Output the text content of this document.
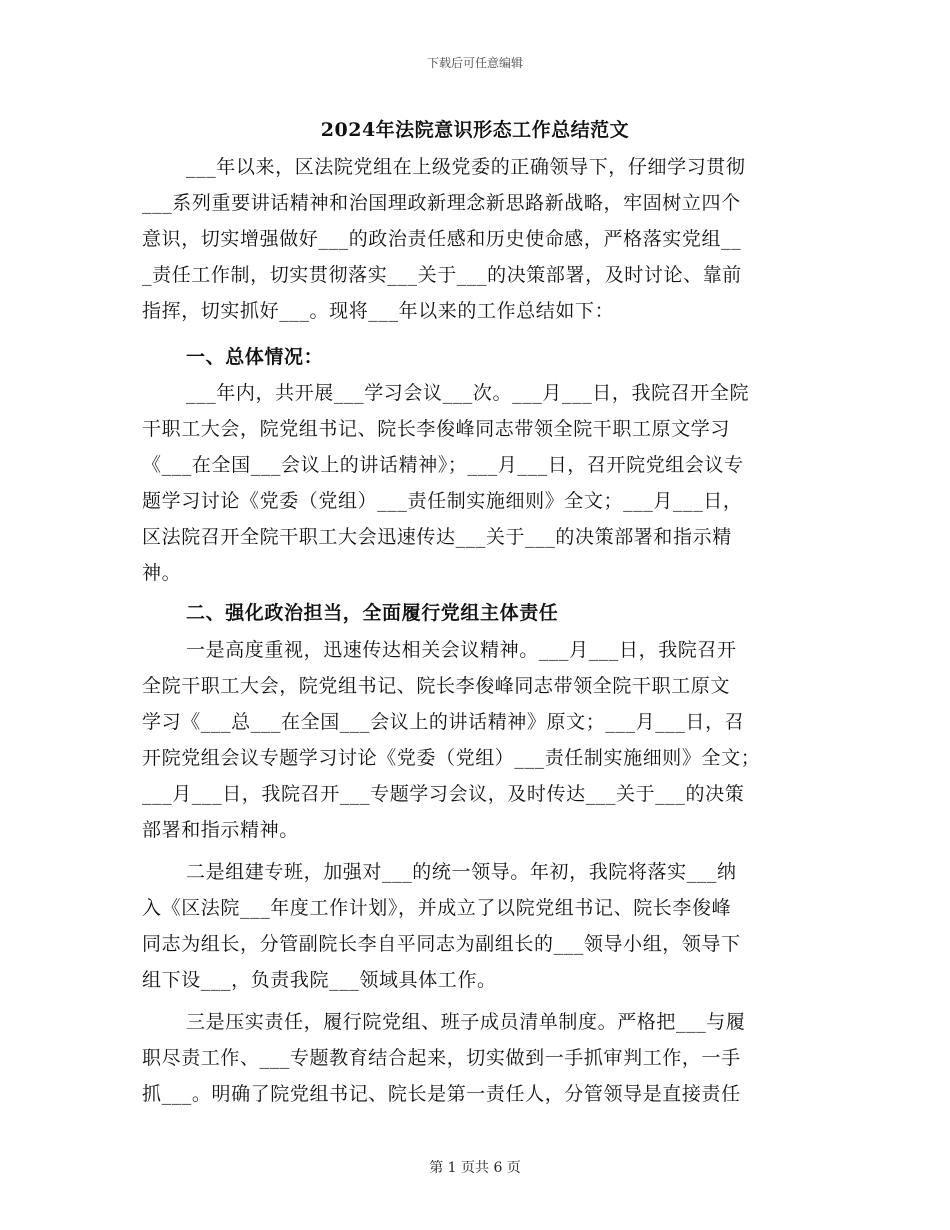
下载后可任意编辑
2024年法院意识形态工作总结范文
___年以来，区法院党组在上级党委的正确领导下，仔细学习贯彻
___系列重要讲话精神和治国理政新理念新思路新战略，牢固树立四个
意识，切实增强做好___的政治责任感和历史使命感，严格落实党组__
_责任工作制，切实贯彻落实___关于___的决策部署，及时讨论、靠前
指挥，切实抓好___。现将___年以来的工作总结如下：
一、总体情况：
___年内，共开展___学习会议___次。___月___日，我院召开全院
干职工大会，院党组书记、院长李俊峰同志带领全院干职工原文学习
《___在全国___会议上的讲话精神》；___月___日，召开院党组会议专
题学习讨论《党委（党组）___责任制实施细则》全文；___月___日，
区法院召开全院干职工大会迅速传达___关于___的决策部署和指示精
神。
二、强化政治担当，全面履行党组主体责任
一是高度重视，迅速传达相关会议精神。___月___日，我院召开
全院干职工大会，院党组书记、院长李俊峰同志带领全院干职工原文
学习《___总___在全国___会议上的讲话精神》原文；___月___日，召
开院党组会议专题学习讨论《党委（党组）___责任制实施细则》全文；
___月___日，我院召开___专题学习会议，及时传达___关于___的决策
部署和指示精神。
二是组建专班，加强对___的统一领导。年初，我院将落实___纳
入《区法院___年度工作计划》，并成立了以院党组书记、院长李俊峰
同志为组长，分管副院长李自平同志为副组长的___领导小组，领导下
组下设___，负责我院___领域具体工作。
三是压实责任，履行院党组、班子成员清单制度。严格把___与履
职尽责工作、___专题教育结合起来，切实做到一手抓审判工作，一手
抓___。明确了院党组书记、院长是第一责任人，分管领导是直接责任
第 1 页共 6 页
